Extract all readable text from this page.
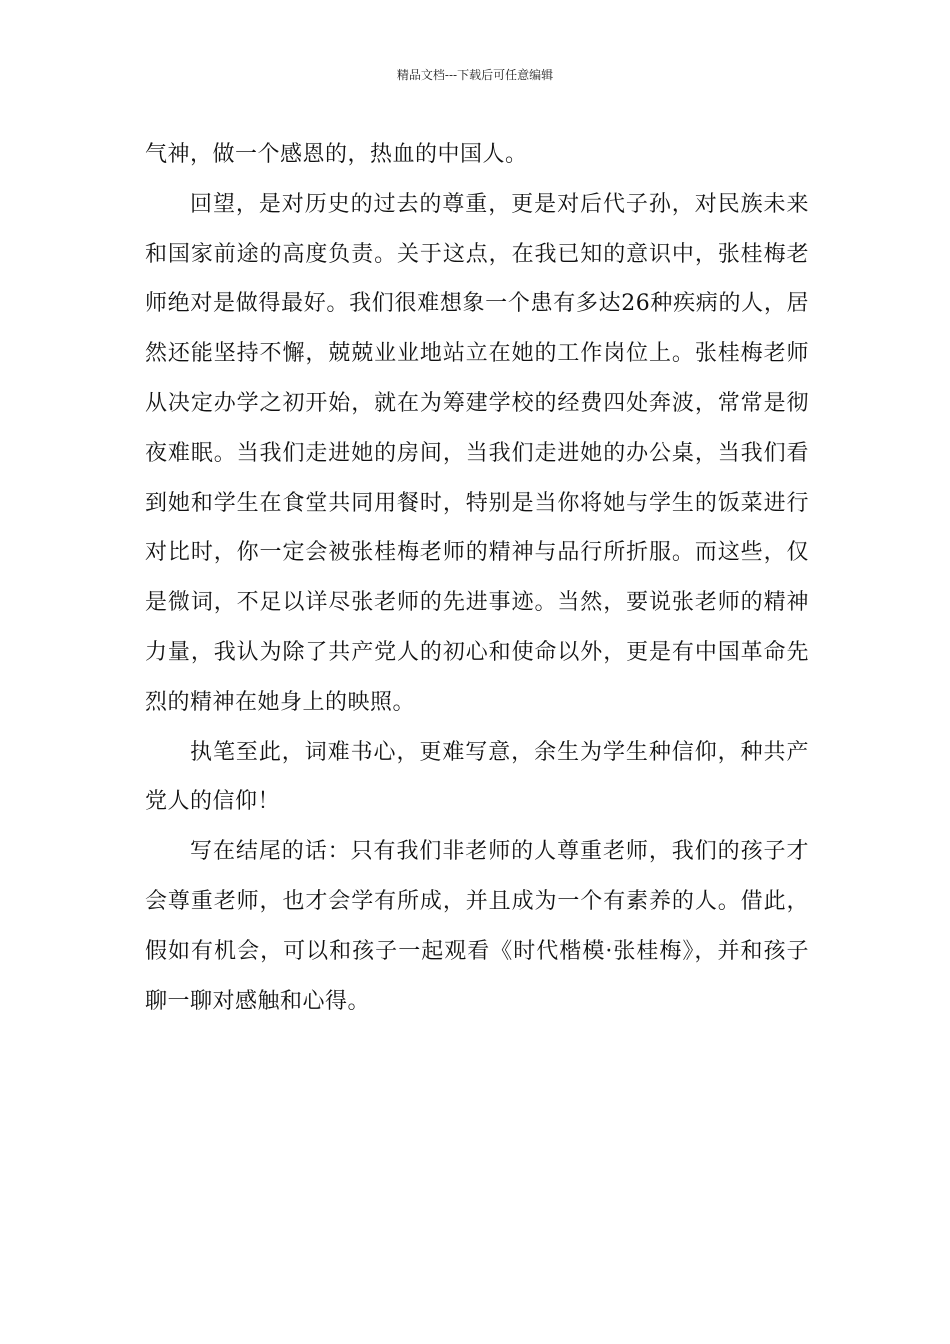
精品文档---下载后可任意编辑

气神，做一个感恩的，热血的中国人。

回望，是对历史的过去的尊重，更是对后代子孙，对民族未来和国家前途的高度负责。关于这点，在我已知的意识中，张桂梅老师绝对是做得最好。我们很难想象一个患有多达26种疾病的人，居然还能坚持不懈，兢兢业业地站立在她的工作岗位上。张桂梅老师从决定办学之初开始，就在为筹建学校的经费四处奔波，常常是彻夜难眠。当我们走进她的房间，当我们走进她的办公桌，当我们看到她和学生在食堂共同用餐时，特别是当你将她与学生的饭菜进行对比时，你一定会被张桂梅老师的精神与品行所折服。而这些，仅是微词，不足以详尽张老师的先进事迹。当然，要说张老师的精神力量，我认为除了共产党人的初心和使命以外，更是有中国革命先烈的精神在她身上的映照。

执笔至此，词难书心，更难写意，余生为学生种信仰，种共产党人的信仰！

写在结尾的话：只有我们非老师的人尊重老师，我们的孩子才会尊重老师，也才会学有所成，并且成为一个有素养的人。借此，假如有机会，可以和孩子一起观看《时代楷模·张桂梅》，并和孩子聊一聊对感触和心得。
